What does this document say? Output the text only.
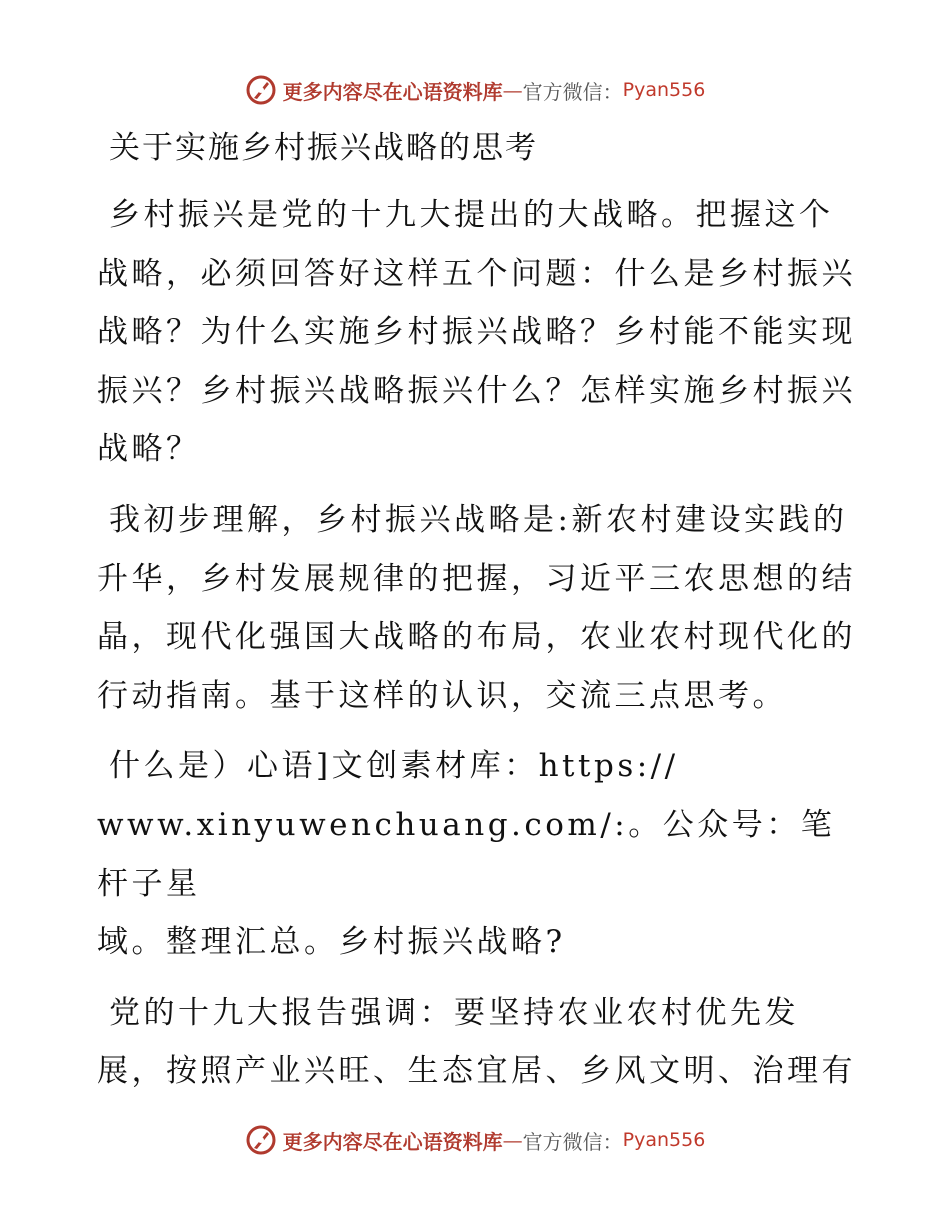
更多内容尽在心语资料库 — 官方微信： Pyan556
关于实施乡村振兴战略的思考

乡村振兴是党的十九大提出的大战略。把握这个战略，必须回答好这样五个问题：什么是乡村振兴战略？为什么实施乡村振兴战略？乡村能不能实现振兴？乡村振兴战略振兴什么？怎样实施乡村振兴战略？

我初步理解，乡村振兴战略是:新农村建设实践的升华，乡村发展规律的把握，习近平三农思想的结晶，现代化强国大战略的布局，农业农村现代化的行动指南。基于这样的认识，交流三点思考。

什么是）心语]文创素材库：https://
www.xinyuwenchuang.com/:。公众号：笔杆子星
域。整理汇总。乡村振兴战略?

党的十九大报告强调：要坚持农业农村优先发
展，按照产业兴旺、生态宜居、乡风文明、治理有

更多内容尽在心语资料库 — 官方微信： Pyan556
